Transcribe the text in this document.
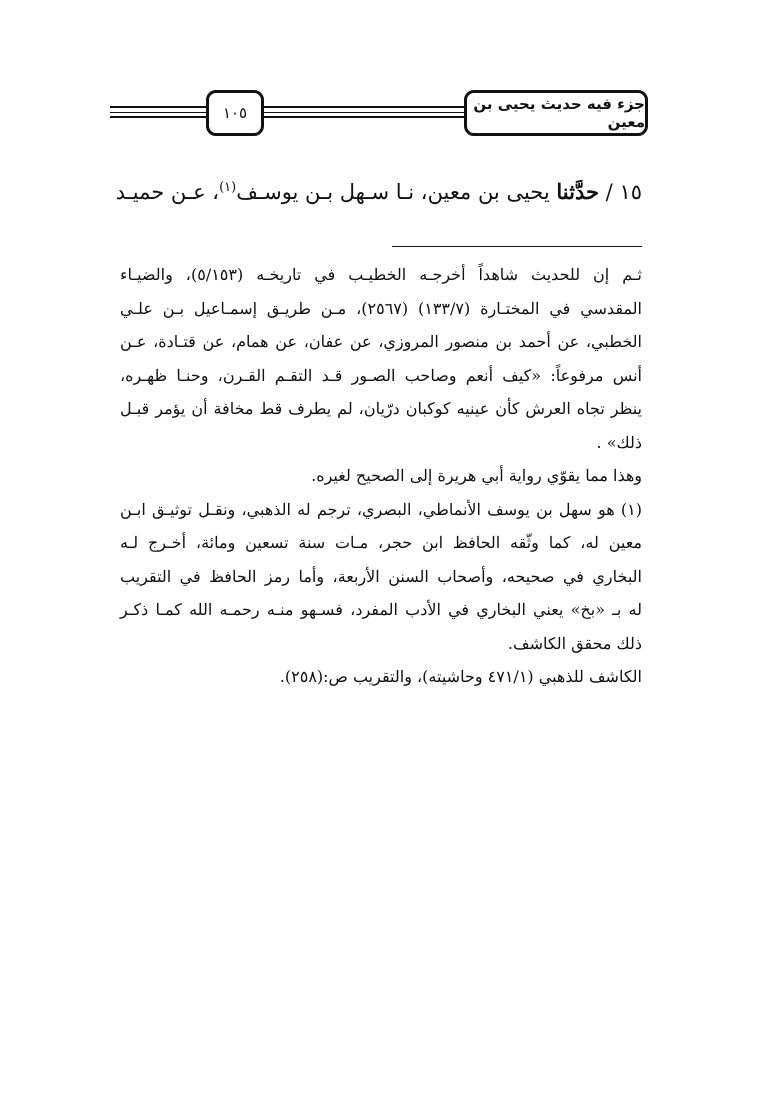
جزء فيه حديث يحيى بن معين
١٠٥
١٥ / حدَّثنا يحيى بن معين، نـا سـهل بـن يوسـف$^{(١)}$، عـن حميـد
ثـم إن للحديث شاهداً أخرجـه الخطيـب في تاريخـه (٥/١٥٣)، والضيـاء
المقدسي في المختـارة (١٣٣/٧) (٢٥٦٧)، مـن طريـق إسمـاعيل بـن علـي
الخطبي، عن أحمد بن منصور المروزي، عن عفان، عن همام، عن قتـادة، عـن
أنس مرفوعاً: «كيف أنعم وصاحب الصـور قـد التقـم القـرن، وحنـا ظهـره،
ينظر تجاه العرش كأن عينيه كوكبان درّيان، لم يطرف قط مخافة أن يؤمر قبـل
ذلك» .
وهذا مما يقوّي رواية أبي هريرة إلى الصحيح لغيره.
(١) هو سهل بن يوسف الأنماطي، البصري، ترجم له الذهبي، ونقـل توثيـق ابـن
معين له، كما وثّقه الحافظ ابن حجر، مـات سنة تسعين ومائة، أخـرج لـه
البخاري في صحيحه، وأصحاب السنن الأربعة، وأما رمز الحافظ في التقريب
له بـ «بخ» يعني البخاري في الأدب المفرد، فسـهو منـه رحمـه الله كمـا ذكـر
ذلك محقق الكاشف.
الكاشف للذهبي (٤٧١/١ وحاشيته)، والتقريب ص:(٢٥٨).
